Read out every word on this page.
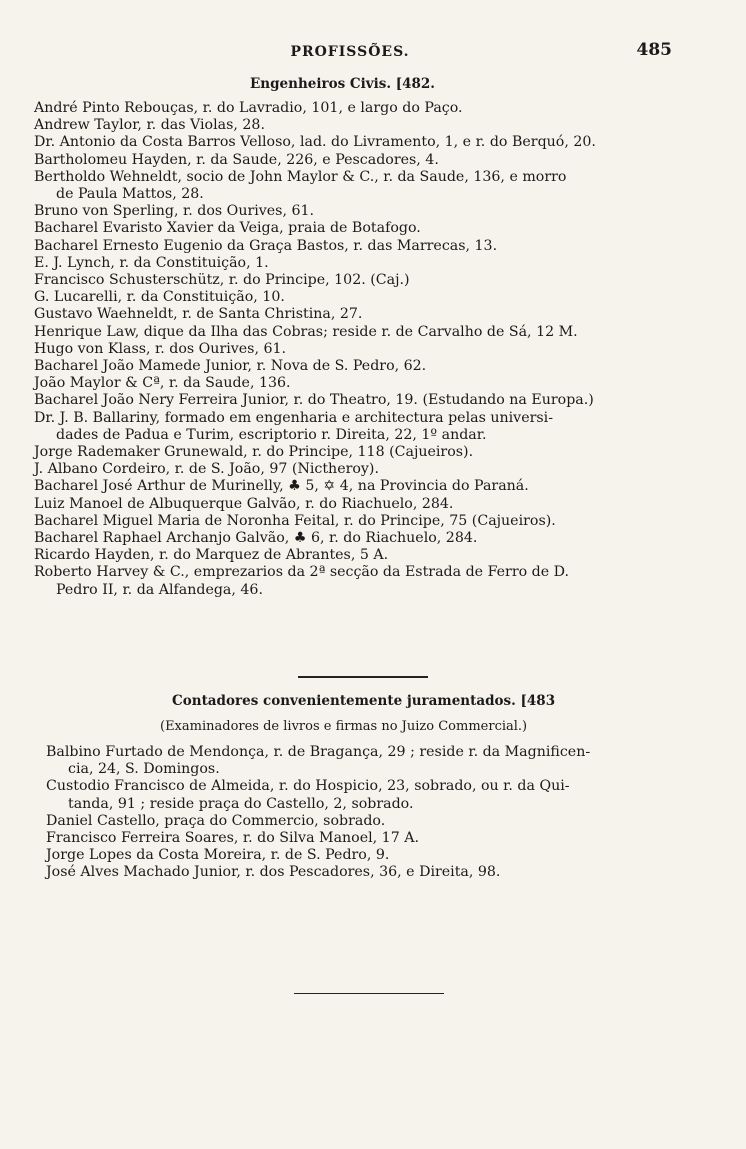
PROFISSÕES.	485
Engenheiros Civis. [482.
André Pinto Rebouças, r. do Lavradio, 101, e largo do Paço.
Andrew Taylor, r. das Violas, 28.
Dr. Antonio da Costa Barros Velloso, lad. do Livramento, 1, e r. do Berquó, 20.
Bartholomeu Hayden, r. da Saude, 226, e Pescadores, 4.
Bertholdo Wehneldt, socio de John Maylor & C., r. da Saude, 136, e morro
de Paula Mattos, 28.
Bruno von Sperling, r. dos Ourives, 61.
Bacharel Evaristo Xavier da Veiga, praia de Botafogo.
Bacharel Ernesto Eugenio da Graça Bastos, r. das Marrecas, 13.
E. J. Lynch, r. da Constituição, 1.
Francisco Schusterschütz, r. do Principe, 102. (Caj.)
G. Lucarelli, r. da Constituição, 10.
Gustavo Waehneldt, r. de Santa Christina, 27.
Henrique Law, dique da Ilha das Cobras; reside r. de Carvalho de Sá, 12 M.
Hugo von Klass, r. dos Ourives, 61.
Bacharel João Mamede Junior, r. Nova de S. Pedro, 62.
João Maylor & Cª, r. da Saude, 136.
Bacharel João Nery Ferreira Junior, r. do Theatro, 19. (Estudando na Europa.)
Dr. J. B. Ballariny, formado em engenharia e architectura pelas universi-
dades de Padua e Turim, escriptorio r. Direita, 22, 1º andar.
Jorge Rademaker Grunewald, r. do Principe, 118 (Cajueiros).
J. Albano Cordeiro, r. de S. João, 97 (Nictheroy).
Bacharel José Arthur de Murinelly, ♣ 5, ✡ 4, na Provincia do Paraná.
Luiz Manoel de Albuquerque Galvão, r. do Riachuelo, 284.
Bacharel Miguel Maria de Noronha Feital, r. do Principe, 75 (Cajueiros).
Bacharel Raphael Archanjo Galvão, ♣ 6, r. do Riachuelo, 284.
Ricardo Hayden, r. do Marquez de Abrantes, 5 A.
Roberto Harvey & C., emprezarios da 2ª secção da Estrada de Ferro de D.
Pedro II, r. da Alfandega, 46.
Contadores convenientemente juramentados. [483
(Examinadores de livros e firmas no Juizo Commercial.)
Balbino Furtado de Mendonça, r. de Bragança, 29 ; reside r. da Magnificen-
cia, 24, S. Domingos.
Custodio Francisco de Almeida, r. do Hospicio, 23, sobrado, ou r. da Qui-
tanda, 91 ; reside praça do Castello, 2, sobrado.
Daniel Castello, praça do Commercio, sobrado.
Francisco Ferreira Soares, r. do Silva Manoel, 17 A.
Jorge Lopes da Costa Moreira, r. de S. Pedro, 9.
José Alves Machado Junior, r. dos Pescadores, 36, e Direita, 98.
